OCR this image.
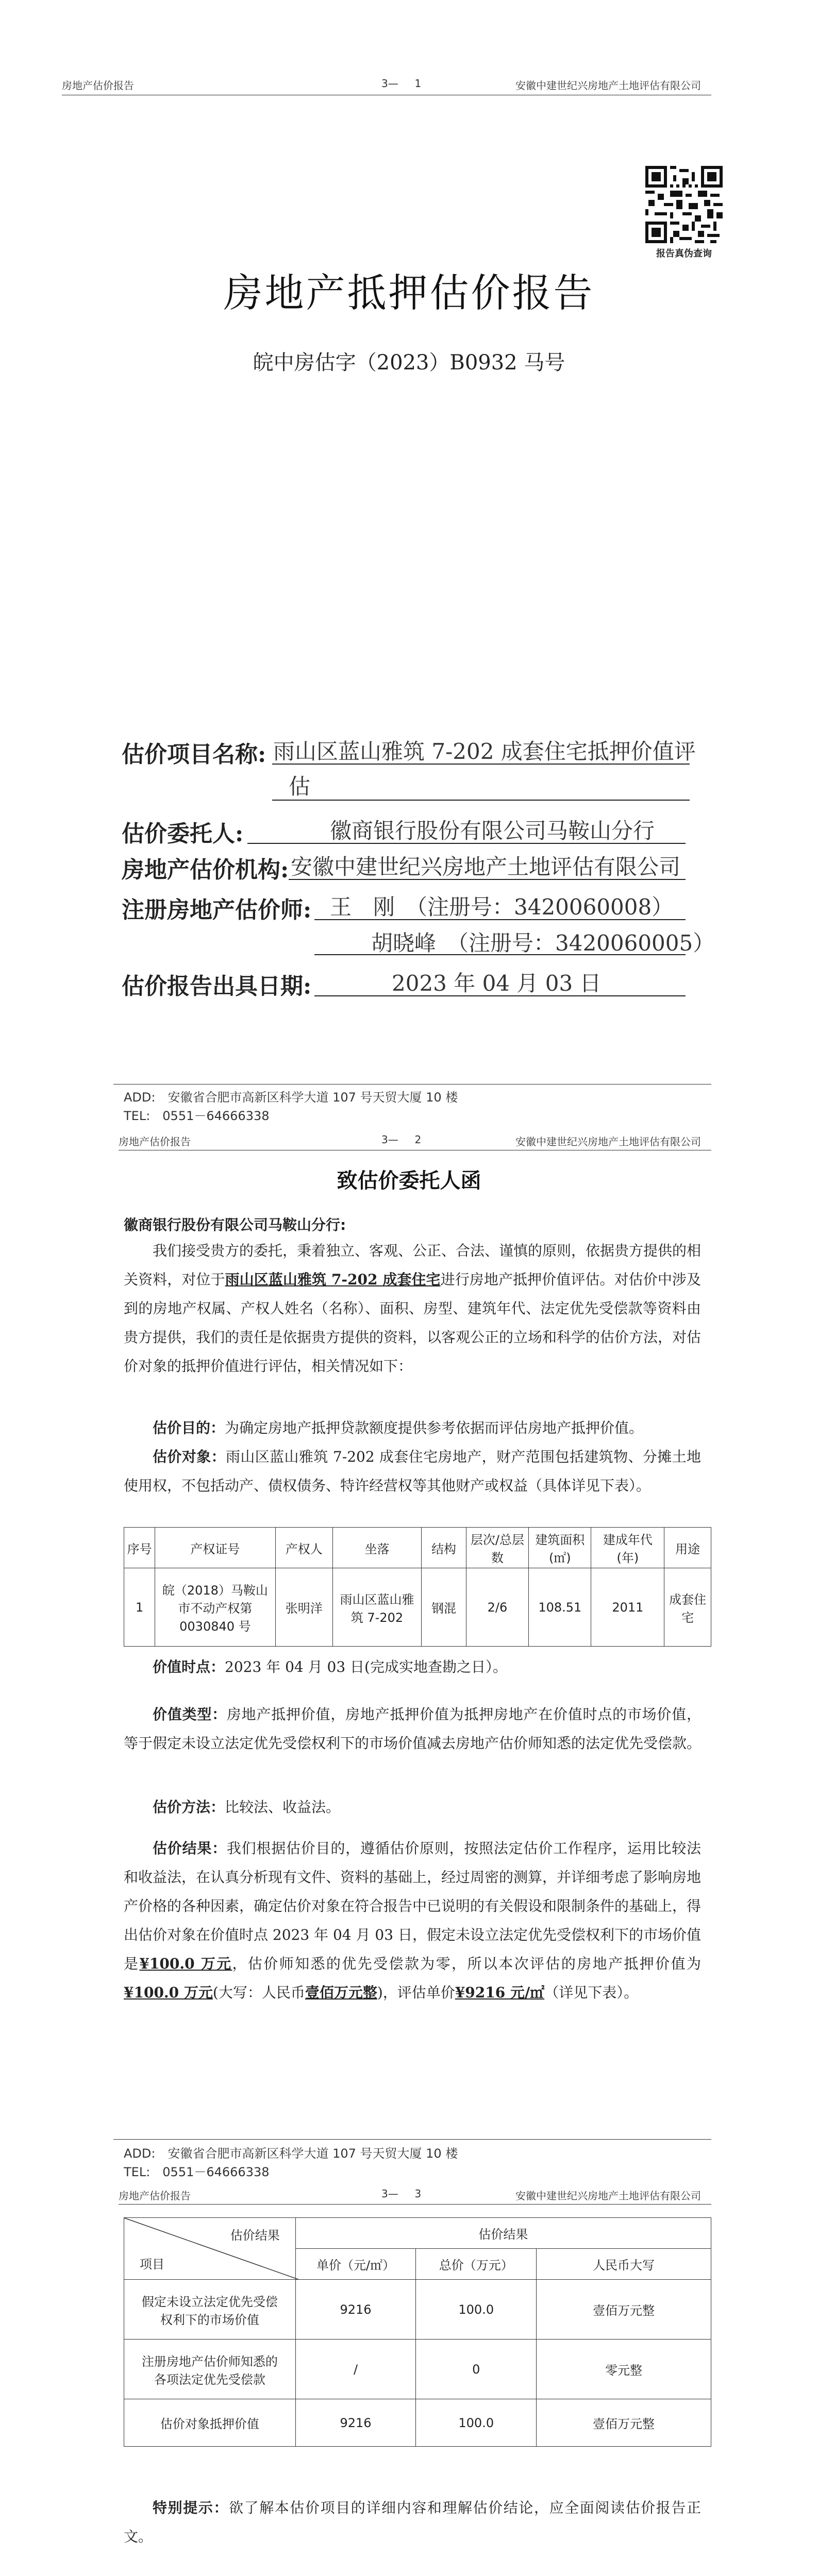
房地产估价报告	3— 1	安徽中建世纪兴房地产土地评估有限公司
报告真伪查询
房地产抵押估价报告
皖中房估字（2023）B0932 马号
估价项目名称: 雨山区蓝山雅筑 7-202 成套住宅抵押价值评
估
估价委托人:	徽商银行股份有限公司马鞍山分行
房地产估价机构: 安徽中建世纪兴房地产土地评估有限公司
注册房地产估价师: 王　刚　（注册号：3420060008）
胡晓峰　（注册号：3420060005）
估价报告出具日期:	2023 年 04 月 03 日
ADD:　安徽省合肥市高新区科学大道 107 号天贸大厦 10 楼
TEL:　0551－64666338
房地产估价报告	3— 2	安徽中建世纪兴房地产土地评估有限公司
致估价委托人函
徽商银行股份有限公司马鞍山分行:
我们接受贵方的委托，秉着独立、客观、公正、合法、谨慎的原则，依据贵方提供的相关资料，对位于雨山区蓝山雅筑 7-202 成套住宅进行房地产抵押价值评估。对估价中涉及到的房地产权属、产权人姓名（名称）、面积、房型、建筑年代、法定优先受偿款等资料由贵方提供，我们的责任是依据贵方提供的资料，以客观公正的立场和科学的估价方法，对估价对象的抵押价值进行评估，相关情况如下：
估价目的：为确定房地产抵押贷款额度提供参考依据而评估房地产抵押价值。
估价对象：雨山区蓝山雅筑 7-202 成套住宅房地产，财产范围包括建筑物、分摊土地使用权，不包括动产、债权债务、特许经营权等其他财产或权益（具体详见下表）。
序号	产权证号	产权人	坐落	结构	层次/总层数	建筑面积(㎡)	建成年代(年)	用途
1	皖（2018）马鞍山市不动产权第 0030840 号	张明洋	雨山区蓝山雅筑 7-202	钢混	2/6	108.51	2011	成套住宅
价值时点：2023 年 04 月 03 日(完成实地查勘之日）。
价值类型：房地产抵押价值，房地产抵押价值为抵押房地产在价值时点的市场价值，等于假定未设立法定优先受偿权利下的市场价值减去房地产估价师知悉的法定优先受偿款。
估价方法：比较法、收益法。
估价结果：我们根据估价目的，遵循估价原则，按照法定估价工作程序，运用比较法和收益法，在认真分析现有文件、资料的基础上，经过周密的测算，并详细考虑了影响房地产价格的各种因素，确定估价对象在符合报告中已说明的有关假设和限制条件的基础上，得出估价对象在价值时点 2023 年 04 月 03 日，假定未设立法定优先受偿权利下的市场价值是¥100.0 万元，估价师知悉的优先受偿款为零，所以本次评估的房地产抵押价值为¥100.0 万元(大写：人民币壹佰万元整)，评估单价¥9216 元/㎡（详见下表）。
ADD:　安徽省合肥市高新区科学大道 107 号天贸大厦 10 楼
TEL:　0551－64666338
房地产估价报告	3— 3	安徽中建世纪兴房地产土地评估有限公司
估价结果
项目	估价结果		
	单价（元/㎡）	总价（万元）	人民币大写
假定未设立法定优先受偿权利下的市场价值	9216	100.0	壹佰万元整
注册房地产估价师知悉的各项法定优先受偿款	/	0	零元整
估价对象抵押价值	9216	100.0	壹佰万元整
特别提示：欲了解本估价项目的详细内容和理解估价结论，应全面阅读估价报告正文。
